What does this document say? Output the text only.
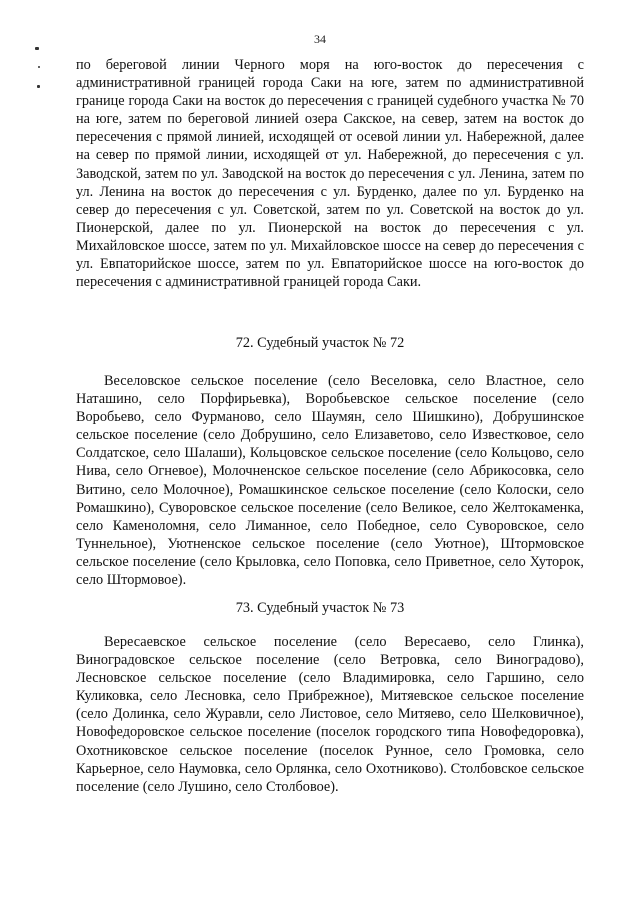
34
по береговой линии Черного моря на юго-восток до пересечения с административной границей города Саки на юге, затем по административной границе города Саки на восток до пересечения с границей судебного участка № 70 на юге, затем по береговой линией озера Сакское, на север, затем на восток до пересечения с прямой линией, исходящей от осевой линии ул. Набережной, далее на север по прямой линии, исходящей от ул. Набережной, до пересечения с ул. Заводской, затем по ул. Заводской на восток до пересечения с ул. Ленина, затем по ул. Ленина на восток до пересечения с ул. Бурденко, далее по ул. Бурденко на север до пересечения с ул. Советской, затем по ул. Советской на восток до ул. Пионерской, далее по ул. Пионерской на восток до пересечения с ул. Михайловское шоссе, затем по ул. Михайловское шоссе на север до пересечения с ул. Евпаторийское шоссе, затем по ул. Евпаторийское шоссе на юго-восток до пересечения с административной границей города Саки.
72. Судебный участок № 72
Веселовское сельское поселение (село Веселовка, село Властное, село Наташино, село Порфирьевка), Воробьевское сельское поселение (село Воробьево, село Фурманово, село Шаумян, село Шишкино), Добрушинское сельское поселение (село Добрушино, село Елизаветово, село Известковое, село Солдатское, село Шалаши), Кольцовское сельское поселение (село Кольцово, село Нива, село Огневое), Молочненское сельское поселение (село Абрикосовка, село Витино, село Молочное), Ромашкинское сельское поселение (село Колоски, село Ромашкино), Суворовское сельское поселение (село Великое, село Желтокаменка, село Каменоломня, село Лиманное, село Победное, село Суворовское, село Туннельное), Уютненское сельское поселение (село Уютное), Штормовское сельское поселение (село Крыловка, село Поповка, село Приветное, село Хуторок, село Штормовое).
73. Судебный участок № 73
Вересаевское сельское поселение (село Вересаево, село Глинка), Виноградовское сельское поселение (село Ветровка, село Виноградово), Лесновское сельское поселение (село Владимировка, село Гаршино, село Куликовка, село Лесновка, село Прибрежное), Митяевское сельское поселение (село Долинка, село Журавли, село Листовое, село Митяево, село Шелковичное), Новофедоровское сельское поселение (поселок городского типа Новофедоровка), Охотниковское сельское поселение (поселок Рунное, село Громовка, село Карьерное, село Наумовка, село Орлянка, село Охотниково). Столбовское сельское поселение (село Лушино, село Столбовое).
